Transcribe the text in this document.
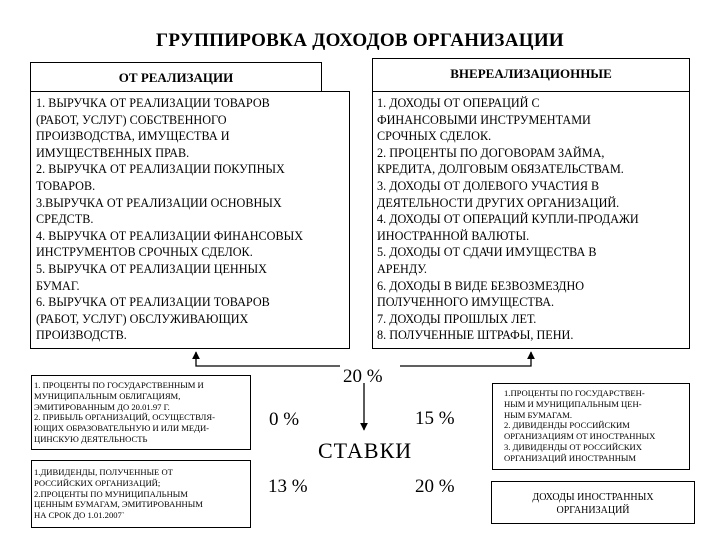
ГРУППИРОВКА ДОХОДОВ ОРГАНИЗАЦИИ
ОТ РЕАЛИЗАЦИИ
1. ВЫРУЧКА ОТ РЕАЛИЗАЦИИ ТОВАРОВ
(РАБОТ, УСЛУГ) СОБСТВЕННОГО
ПРОИЗВОДСТВА, ИМУЩЕСТВА И
ИМУЩЕСТВЕННЫХ ПРАВ.
2. ВЫРУЧКА ОТ РЕАЛИЗАЦИИ ПОКУПНЫХ
ТОВАРОВ.
3.ВЫРУЧКА ОТ РЕАЛИЗАЦИИ ОСНОВНЫХ
СРЕДСТВ.
4. ВЫРУЧКА ОТ РЕАЛИЗАЦИИ ФИНАНСОВЫХ
ИНСТРУМЕНТОВ СРОЧНЫХ СДЕЛОК.
5. ВЫРУЧКА ОТ РЕАЛИЗАЦИИ ЦЕННЫХ
БУМАГ.
6. ВЫРУЧКА ОТ РЕАЛИЗАЦИИ ТОВАРОВ
(РАБОТ, УСЛУГ) ОБСЛУЖИВАЮЩИХ
ПРОИЗВОДСТВ.
ВНЕРЕАЛИЗАЦИОННЫЕ
1. ДОХОДЫ ОТ ОПЕРАЦИЙ С
ФИНАНСОВЫМИ ИНСТРУМЕНТАМИ
СРОЧНЫХ СДЕЛОК.
2. ПРОЦЕНТЫ ПО ДОГОВОРАМ ЗАЙМА,
КРЕДИТА, ДОЛГОВЫМ ОБЯЗАТЕЛЬСТВАМ.
3. ДОХОДЫ ОТ ДОЛЕВОГО УЧАСТИЯ В
ДЕЯТЕЛЬНОСТИ ДРУГИХ ОРГАНИЗАЦИЙ.
4. ДОХОДЫ ОТ ОПЕРАЦИЙ КУПЛИ-ПРОДАЖИ
ИНОСТРАННОЙ ВАЛЮТЫ.
5. ДОХОДЫ ОТ СДАЧИ ИМУЩЕСТВА В
АРЕНДУ.
6. ДОХОДЫ В ВИДЕ БЕЗВОЗМЕЗДНО
ПОЛУЧЕННОГО ИМУЩЕСТВА.
7. ДОХОДЫ ПРОШЛЫХ ЛЕТ.
8. ПОЛУЧЕННЫЕ ШТРАФЫ, ПЕНИ.
20 %
0 %	15 %
СТАВКИ
13 %	20 %
1. ПРОЦЕНТЫ ПО ГОСУДАРСТВЕННЫМ И
МУНИЦИПАЛЬНЫМ ОБЛИГАЦИЯМ,
ЭМИТИРОВАННЫМ ДО 20.01.97 Г.
2. ПРИБЫЛЬ ОРГАНИЗАЦИЙ, ОСУЩЕСТВЛЯ-
ЮЩИХ ОБРАЗОВАТЕЛЬНУЮ И ИЛИ МЕДИ-
ЦИНСКУЮ ДЕЯТЕЛЬНОСТЬ
1.ДИВИДЕНДЫ, ПОЛУЧЕННЫЕ ОТ
РОССИЙСКИХ ОРГАНИЗАЦИЙ;
2.ПРОЦЕНТЫ ПО МУНИЦИПАЛЬНЫМ
ЦЕННЫМ БУМАГАМ, ЭМИТИРОВАННЫМ
НА СРОК ДО 1.01.2007`
1.ПРОЦЕНТЫ ПО ГОСУДАРСТВЕН-
НЫМ И МУНИЦИПАЛЬНЫМ ЦЕН-
НЫМ БУМАГАМ.
2. ДИВИДЕНДЫ РОССИЙСКИМ
ОРГАНИЗАЦИЯМ ОТ ИНОСТРАННЫХ
3. ДИВИДЕНДЫ ОТ РОССИЙСКИХ
ОРГАНИЗАЦИЙ ИНОСТРАННЫМ
ДОХОДЫ ИНОСТРАННЫХ
ОРГАНИЗАЦИЙ
